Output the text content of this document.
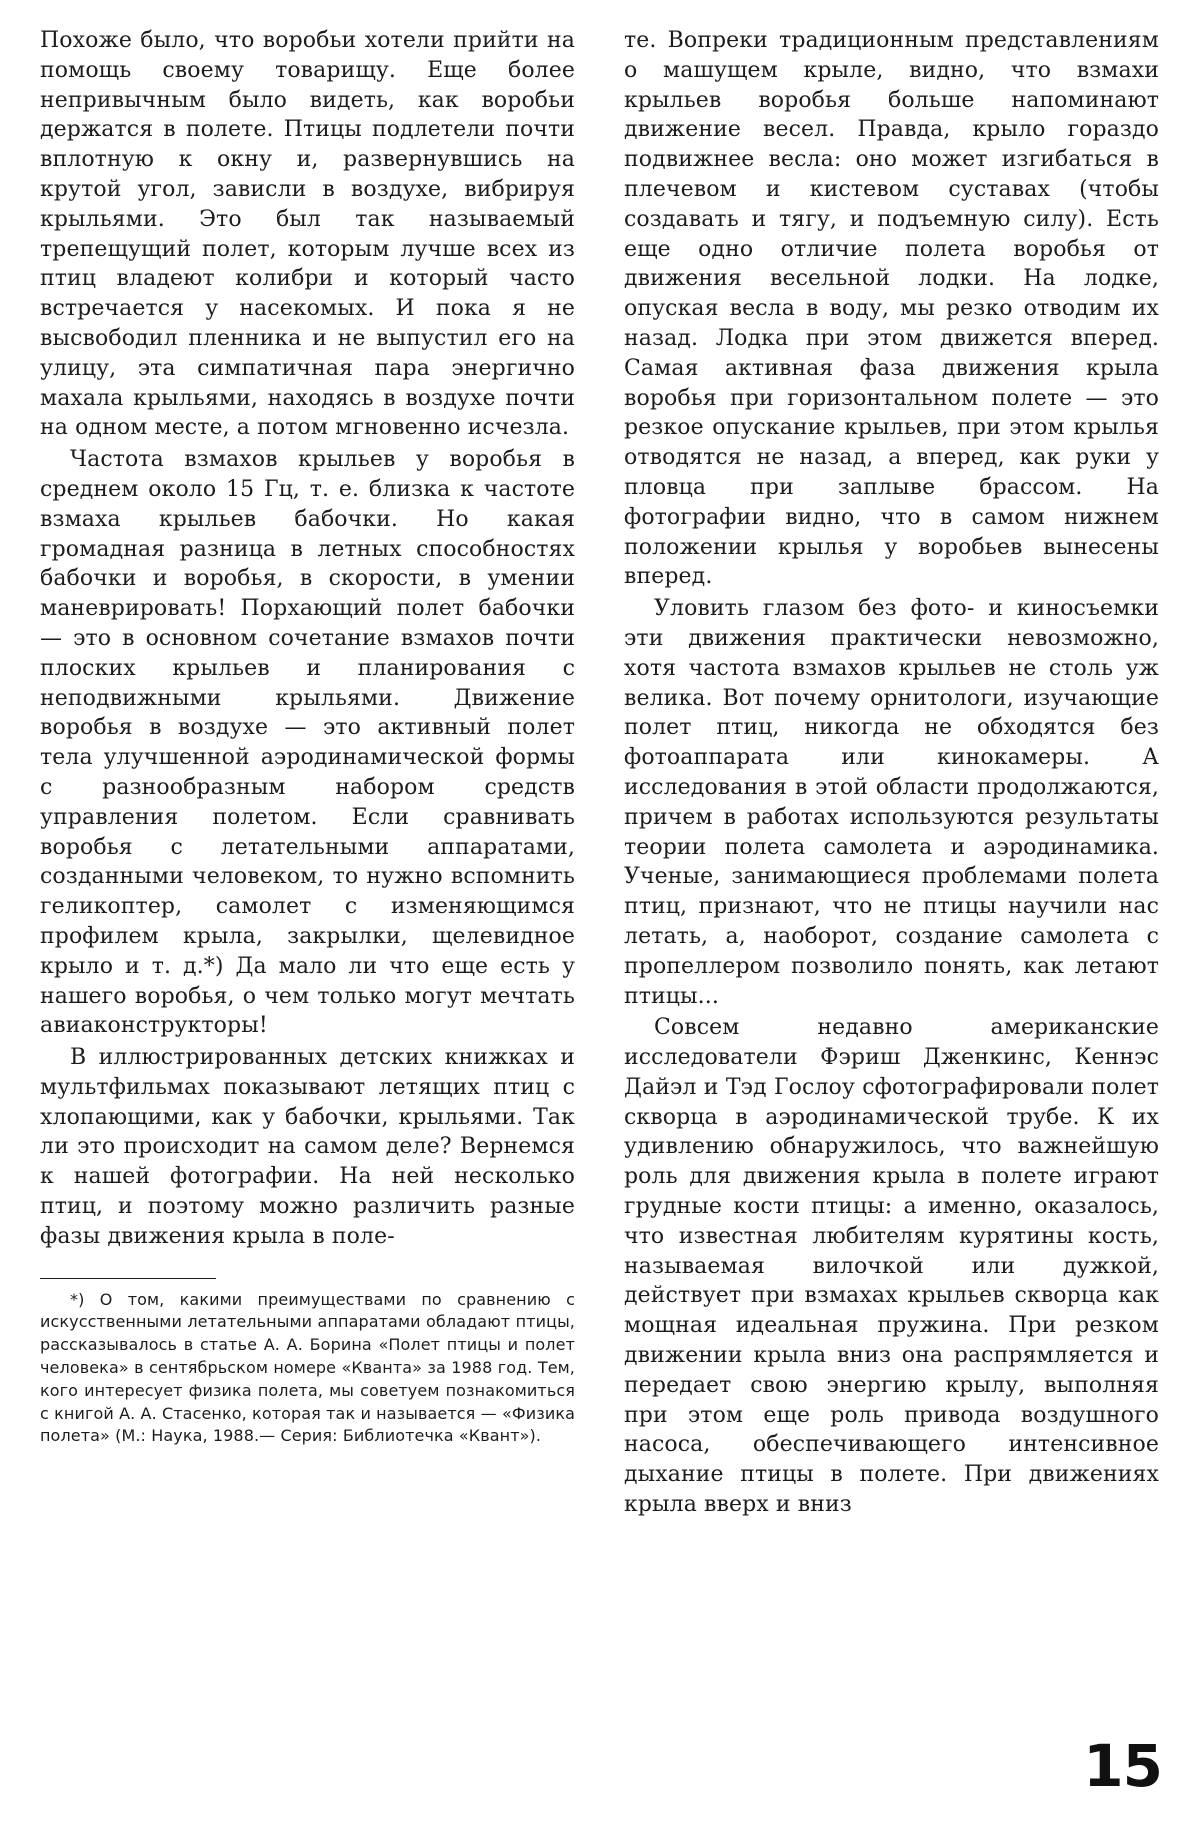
Похоже было, что воробьи хотели прийти на помощь своему товарищу. Еще более непривычным было видеть, как воробьи держатся в полете. Птицы подлетели почти вплотную к окну и, развернувшись на крутой угол, зависли в воздухе, вибрируя крыльями. Это был так называемый трепещущий полет, которым лучше всех из птиц владеют колибри и который часто встречается у насекомых. И пока я не высвободил пленника и не выпустил его на улицу, эта симпатичная пара энергично махала крыльями, находясь в воздухе почти на одном месте, а потом мгновенно исчезла.

Частота взмахов крыльев у воробья в среднем около 15 Гц, т. е. близка к частоте взмаха крыльев бабочки. Но какая громадная разница в летных способностях бабочки и воробья, в скорости, в умении маневрировать! Порхающий полет бабочки — это в основном сочетание взмахов почти плоских крыльев и планирования с неподвижными крыльями. Движение воробья в воздухе — это активный полет тела улучшенной аэродинамической формы с разнообразным набором средств управления полетом. Если сравнивать воробья с летательными аппаратами, созданными человеком, то нужно вспомнить геликоптер, самолет с изменяющимся профилем крыла, закрылки, щелевидное крыло и т. д.*) Да мало ли что еще есть у нашего воробья, о чем только могут мечтать авиаконструкторы!

В иллюстрированных детских книжках и мультфильмах показывают летящих птиц с хлопающими, как у бабочки, крыльями. Так ли это происходит на самом деле? Вернемся к нашей фотографии. На ней несколько птиц, и поэтому можно различить разные фазы движения крыла в поле-

*) О том, какими преимуществами по сравнению с искусственными летательными аппаратами обладают птицы, рассказывалось в статье А. А. Борина «Полет птицы и полет человека» в сентябрьском номере «Кванта» за 1988 год. Тем, кого интересует физика полета, мы советуем познакомиться с книгой А. А. Стасенко, которая так и называется — «Физика полета» (М.: Наука, 1988.— Серия: Библиотечка «Квант»).

те. Вопреки традиционным представлениям о машущем крыле, видно, что взмахи крыльев воробья больше напоминают движение весел. Правда, крыло гораздо подвижнее весла: оно может изгибаться в плечевом и кистевом суставах (чтобы создавать и тягу, и подъемную силу). Есть еще одно отличие полета воробья от движения весельной лодки. На лодке, опуская весла в воду, мы резко отводим их назад. Лодка при этом движется вперед. Самая активная фаза движения крыла воробья при горизонтальном полете — это резкое опускание крыльев, при этом крылья отводятся не назад, а вперед, как руки у пловца при заплыве брассом. На фотографии видно, что в самом нижнем положении крылья у воробьев вынесены вперед.

Уловить глазом без фото- и киносъемки эти движения практически невозможно, хотя частота взмахов крыльев не столь уж велика. Вот почему орнитологи, изучающие полет птиц, никогда не обходятся без фотоаппарата или кинокамеры. А исследования в этой области продолжаются, причем в работах используются результаты теории полета самолета и аэродинамика. Ученые, занимающиеся проблемами полета птиц, признают, что не птицы научили нас летать, а, наоборот, создание самолета с пропеллером позволило понять, как летают птицы...

Совсем недавно американские исследователи Фэриш Дженкинс, Кеннэс Дайэл и Тэд Гослоу сфотографировали полет скворца в аэродинамической трубе. К их удивлению обнаружилось, что важнейшую роль для движения крыла в полете играют грудные кости птицы: а именно, оказалось, что известная любителям курятины кость, называемая вилочкой или дужкой, действует при взмахах крыльев скворца как мощная идеальная пружина. При резком движении крыла вниз она распрямляется и передает свою энергию крылу, выполняя при этом еще роль привода воздушного насоса, обеспечивающего интенсивное дыхание птицы в полете. При движениях крыла вверх и вниз

15
